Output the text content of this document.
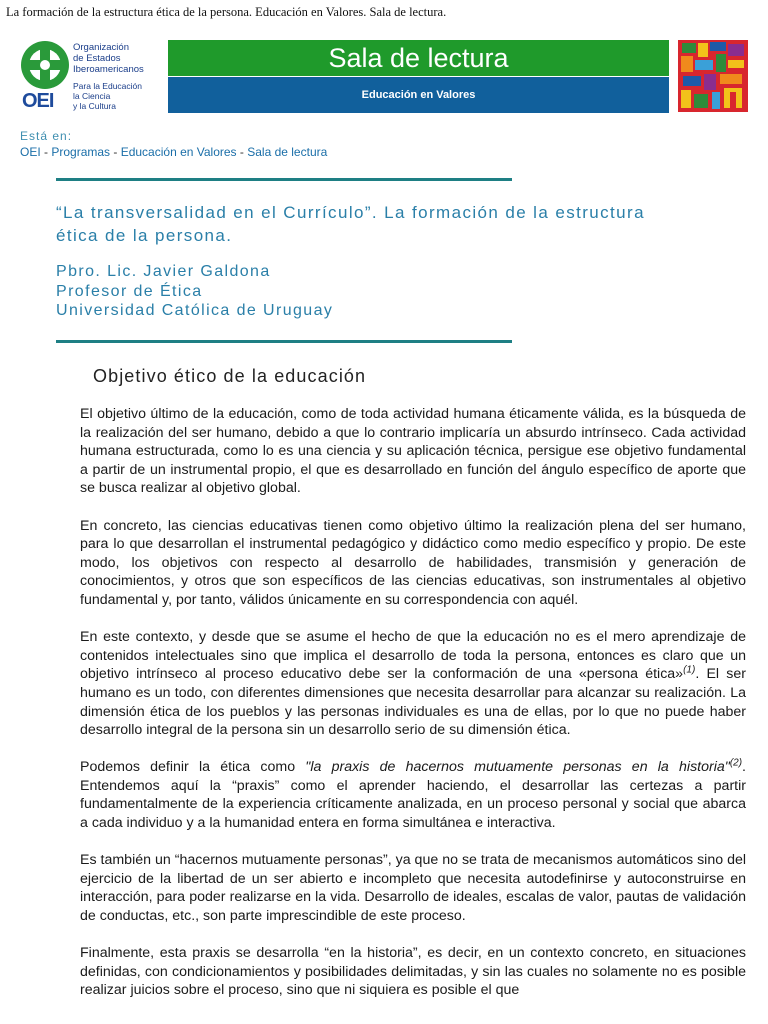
La formación de la estructura ética de la persona. Educación en Valores. Sala de lectura.
Organización
de Estados
Iberoamericanos
Para la Educación
la Ciencia
y la Cultura
OEI
Sala de lectura
Educación en Valores
Está en:
OEI - Programas - Educación en Valores - Sala de lectura
“La transversalidad en el Currículo”. La formación de la estructura
ética de la persona.
Pbro. Lic. Javier Galdona
Profesor de Ética
Universidad Católica de Uruguay
Objetivo ético de la educación

El objetivo último de la educación, como de toda actividad humana éticamente válida, es la búsqueda de la realización del ser humano, debido a que lo contrario implicaría un absurdo intrínseco. Cada actividad humana estructurada, como lo es una ciencia y su aplicación técnica, persigue ese objetivo fundamental a partir de un instrumental propio, el que es desarrollado en función del ángulo específico de aporte que se busca realizar al objetivo global.

En concreto, las ciencias educativas tienen como objetivo último la realización plena del ser humano, para lo que desarrollan el instrumental pedagógico y didáctico como medio específico y propio. De este modo, los objetivos con respecto al desarrollo de habilidades, transmisión y generación de conocimientos, y otros que son específicos de las ciencias educativas, son instrumentales al objetivo fundamental y, por tanto, válidos únicamente en su correspondencia con aquél.

En este contexto, y desde que se asume el hecho de que la educación no es el mero aprendizaje de contenidos intelectuales sino que implica el desarrollo de toda la persona, entonces es claro que un objetivo intrínseco al proceso educativo debe ser la conformación de una «persona ética»$^{(1)}$. El ser humano es un todo, con diferentes dimensiones que necesita desarrollar para alcanzar su realización. La dimensión ética de los pueblos y las personas individuales es una de ellas, por lo que no puede haber desarrollo integral de la persona sin un desarrollo serio de su dimensión ética.

Podemos definir la ética como "la praxis de hacernos mutuamente personas en la historia"$^{(2)}$. Entendemos aquí la “praxis” como el aprender haciendo, el desarrollar las certezas a partir fundamentalmente de la experiencia críticamente analizada, en un proceso personal y social que abarca a cada individuo y a la humanidad entera en forma simultánea e interactiva.

Es también un “hacernos mutuamente personas”, ya que no se trata de mecanismos automáticos sino del ejercicio de la libertad de un ser abierto e incompleto que necesita autodefinirse y autoconstruirse en interacción, para poder realizarse en la vida. Desarrollo de ideales, escalas de valor, pautas de validación de conductas, etc., son parte imprescindible de este proceso.

Finalmente, esta praxis se desarrolla “en la historia”, es decir, en un contexto concreto, en situaciones definidas, con condicionamientos y posibilidades delimitadas, y sin las cuales no solamente no es posible realizar juicios sobre el proceso, sino que ni siquiera es posible el que
